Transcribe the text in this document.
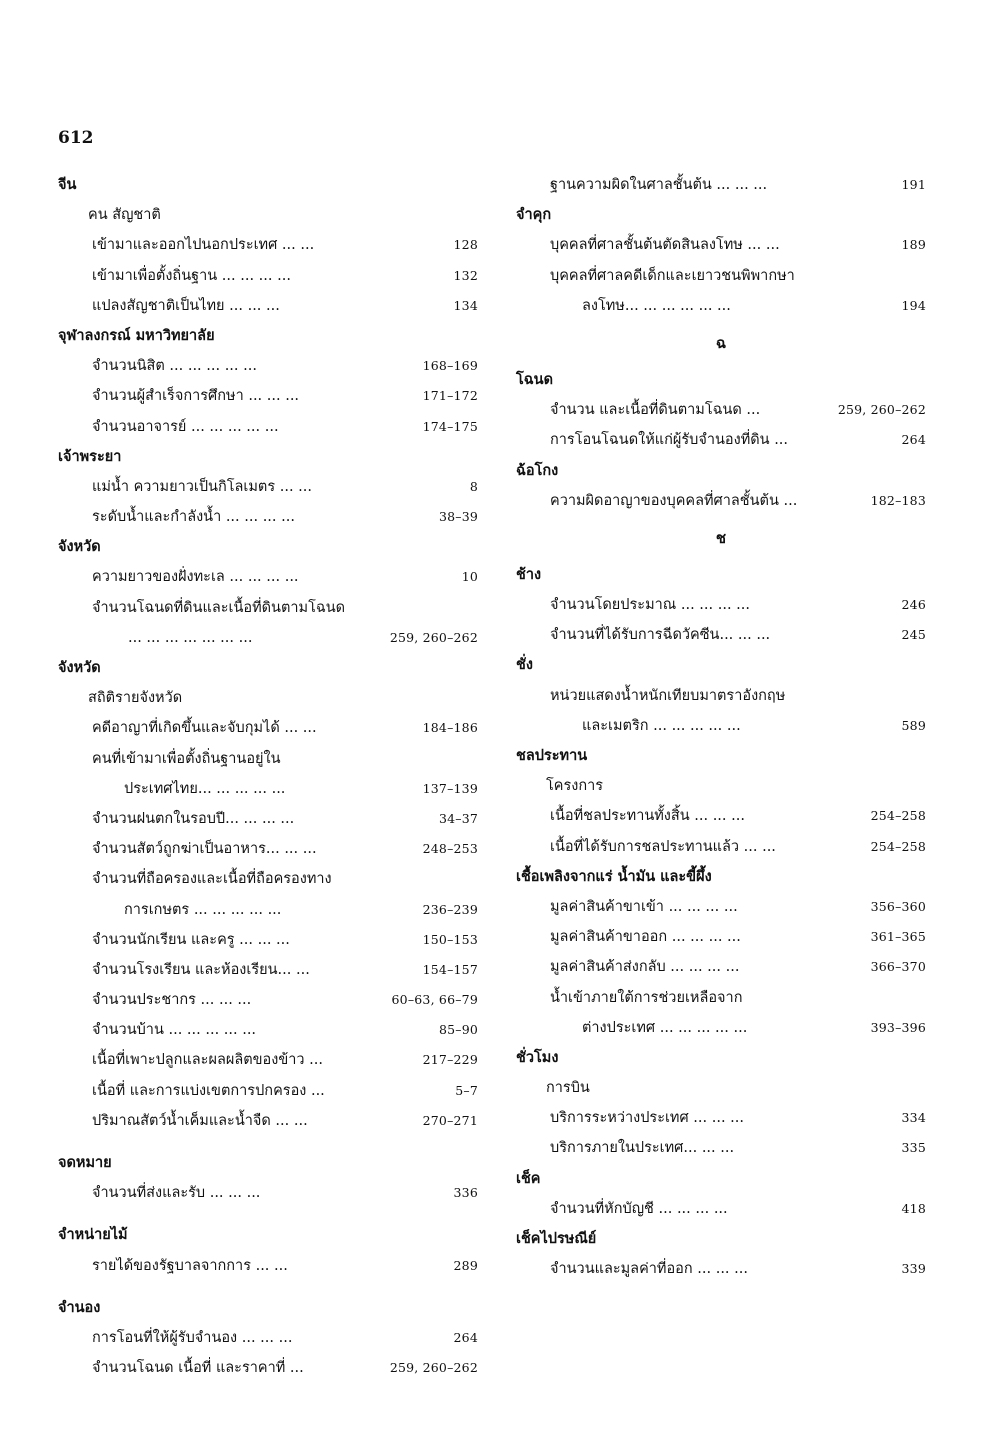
612
จีน
คน สัญชาติ
เข้ามาและออกไปนอกประเทศ ... ...	128
เข้ามาเพื่อตั้งถิ่นฐาน ... ... ... ...	132
แปลงสัญชาติเป็นไทย ... ... ...	134
จุฬาลงกรณ์ มหาวิทยาลัย
จำนวนนิสิต ... ... ... ... ...	168–169
จำนวนผู้สำเร็จการศึกษา ... ... ...	171–172
จำนวนอาจารย์ ... ... ... ... ...	174–175
เจ้าพระยา
แม่น้ำ ความยาวเป็นกิโลเมตร ... ...	8
ระดับน้ำและกำลังน้ำ ... ... ... ...	38–39
จังหวัด
ความยาวของฝั่งทะเล ... ... ... ...	10
จำนวนโฉนดที่ดินและเนื้อที่ดินตามโฉนด
... ... ... ... ... ... ...	259, 260–262
จังหวัด
สถิติรายจังหวัด
คดีอาญาที่เกิดขึ้นและจับกุมได้ ... ...	184–186
คนที่เข้ามาเพื่อตั้งถิ่นฐานอยู่ใน
ประเทศไทย... ... ... ... ...	137–139
จำนวนฝนตกในรอบปี... ... ... ...	34–37
จำนวนสัตว์ถูกฆ่าเป็นอาหาร... ... ...	248–253
จำนวนที่ถือครองและเนื้อที่ถือครองทาง
การเกษตร ... ... ... ... ...	236–239
จำนวนนักเรียน และครู ... ... ...	150–153
จำนวนโรงเรียน และห้องเรียน... ...	154–157
จำนวนประชากร ... ... ...	60–63, 66–79
จำนวนบ้าน ... ... ... ... ...	85–90
เนื้อที่เพาะปลูกและผลผลิตของข้าว ...	217–229
เนื้อที่ และการแบ่งเขตการปกครอง ...	5–7
ปริมาณสัตว์น้ำเค็มและน้ำจืด ... ...	270–271
จดหมาย
จำนวนที่ส่งและรับ ... ... ...	336
จำหน่ายไม้
รายได้ของรัฐบาลจากการ ... ...	289
จำนอง
การโอนที่ให้ผู้รับจำนอง ... ... ...	264
จำนวนโฉนด เนื้อที่ และราคาที่ ...	259, 260–262
ฐานความผิดในศาลชั้นต้น ... ... ...	191
จำคุก
บุคคลที่ศาลชั้นต้นตัดสินลงโทษ ... ...	189
บุคคลที่ศาลคดีเด็กและเยาวชนพิพากษา
ลงโทษ... ... ... ... ... ...	194
ฉ
โฉนด
จำนวน และเนื้อที่ดินตามโฉนด ...	259, 260–262
การโอนโฉนดให้แก่ผู้รับจำนองที่ดิน ...	264
ฉ้อโกง
ความผิดอาญาของบุคคลที่ศาลชั้นต้น ...	182–183
ช
ช้าง
จำนวนโดยประมาณ ... ... ... ...	246
จำนวนที่ได้รับการฉีดวัคซีน... ... ...	245
ชั่ง
หน่วยแสดงน้ำหนักเทียบมาตราอังกฤษ
และเมตริก ... ... ... ... ...	589
ชลประทาน
โครงการ
เนื้อที่ชลประทานทั้งสิ้น ... ... ...	254–258
เนื้อที่ได้รับการชลประทานแล้ว ... ...	254–258
เชื้อเพลิงจากแร่ น้ำมัน และขี้ผึ้ง
มูลค่าสินค้าขาเข้า ... ... ... ...	356–360
มูลค่าสินค้าขาออก ... ... ... ...	361–365
มูลค่าสินค้าส่งกลับ ... ... ... ...	366–370
น้ำเข้าภายใต้การช่วยเหลือจาก
ต่างประเทศ ... ... ... ... ...	393–396
ชั่วโมง
การบิน
บริการระหว่างประเทศ ... ... ...	334
บริการภายในประเทศ... ... ...	335
เช็ค
จำนวนที่หักบัญชี ... ... ... ...	418
เช็คไปรษณีย์
จำนวนและมูลค่าที่ออก ... ... ...	339
